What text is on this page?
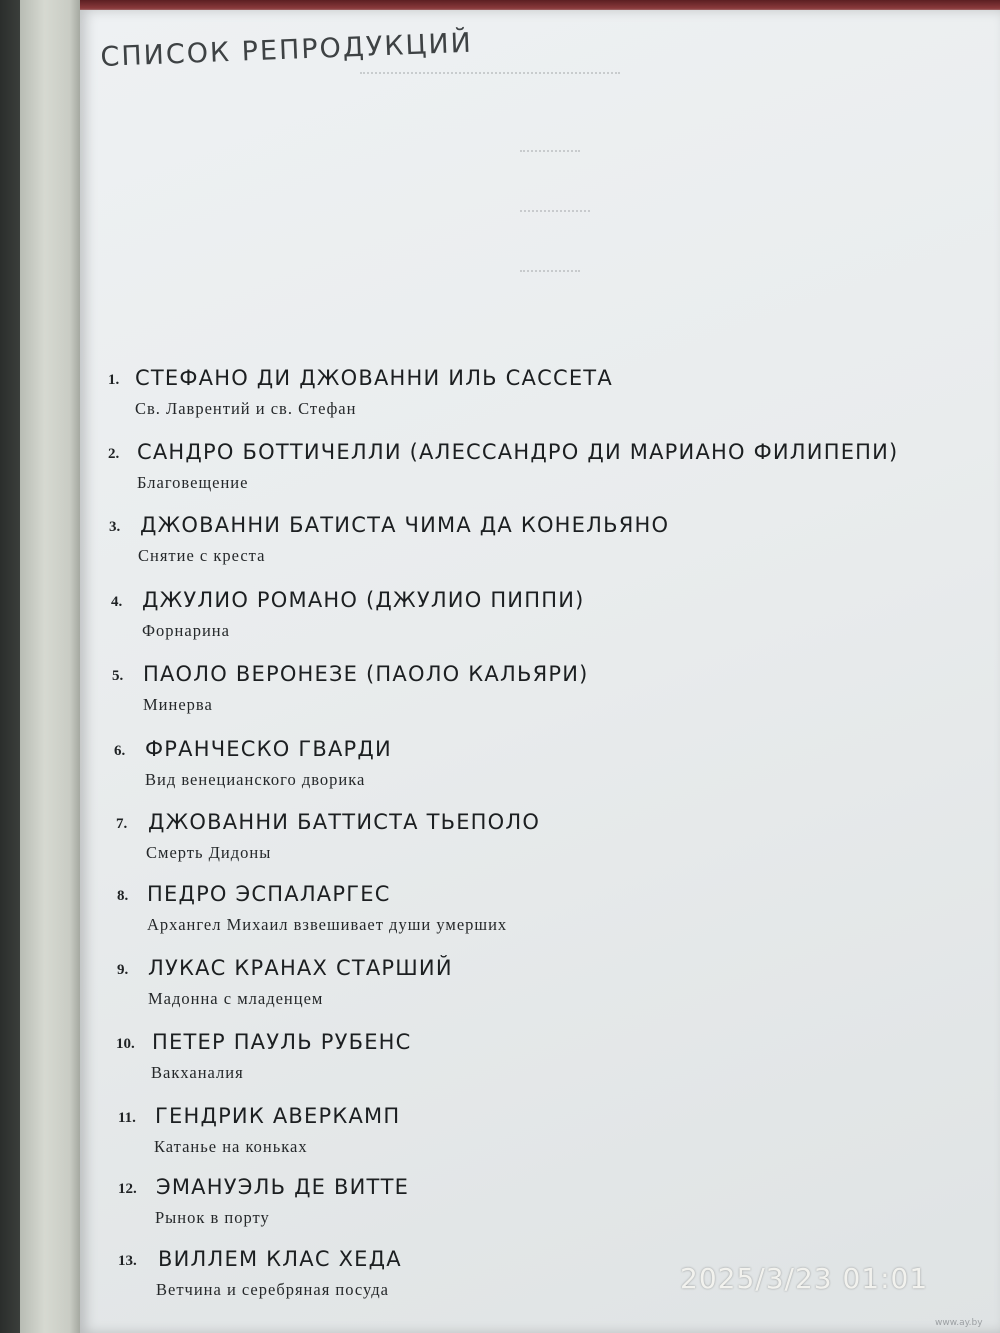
СПИСОК РЕПРОДУКЦИЙ
1. СТЕФАНО ДИ ДЖОВАННИ ИЛЬ САССЕТА
Св. Лаврентий и св. Стефан
2. САНДРО БОТТИЧЕЛЛИ (АЛЕССАНДРО ДИ МАРИАНО ФИЛИПЕПИ)
Благовещение
3. ДЖОВАННИ БАТИСТА ЧИМА ДА КОНЕЛЬЯНО
Снятие с креста
4. ДЖУЛИО РОМАНО (ДЖУЛИО ПИППИ)
Форнарина
5. ПАОЛО ВЕРОНЕЗЕ (ПАОЛО КАЛЬЯРИ)
Минерва
6. ФРАНЧЕСКО ГВАРДИ
Вид венецианского дворика
7. ДЖОВАННИ БАТТИСТА ТЬЕПОЛО
Смерть Дидоны
8. ПЕДРО ЭСПАЛАРГЕС
Архангел Михаил взвешивает души умерших
9. ЛУКАС КРАНАХ СТАРШИЙ
Мадонна с младенцем
10. ПЕТЕР ПАУЛЬ РУБЕНС
Вакханалия
11. ГЕНДРИК АВЕРКАМП
Катанье на коньках
12. ЭМАНУЭЛЬ ДЕ ВИТТЕ
Рынок в порту
13. ВИЛЛЕМ КЛАС ХЕДА
Ветчина и серебряная посуда	2025/3/23 01:01
www.ay.by
